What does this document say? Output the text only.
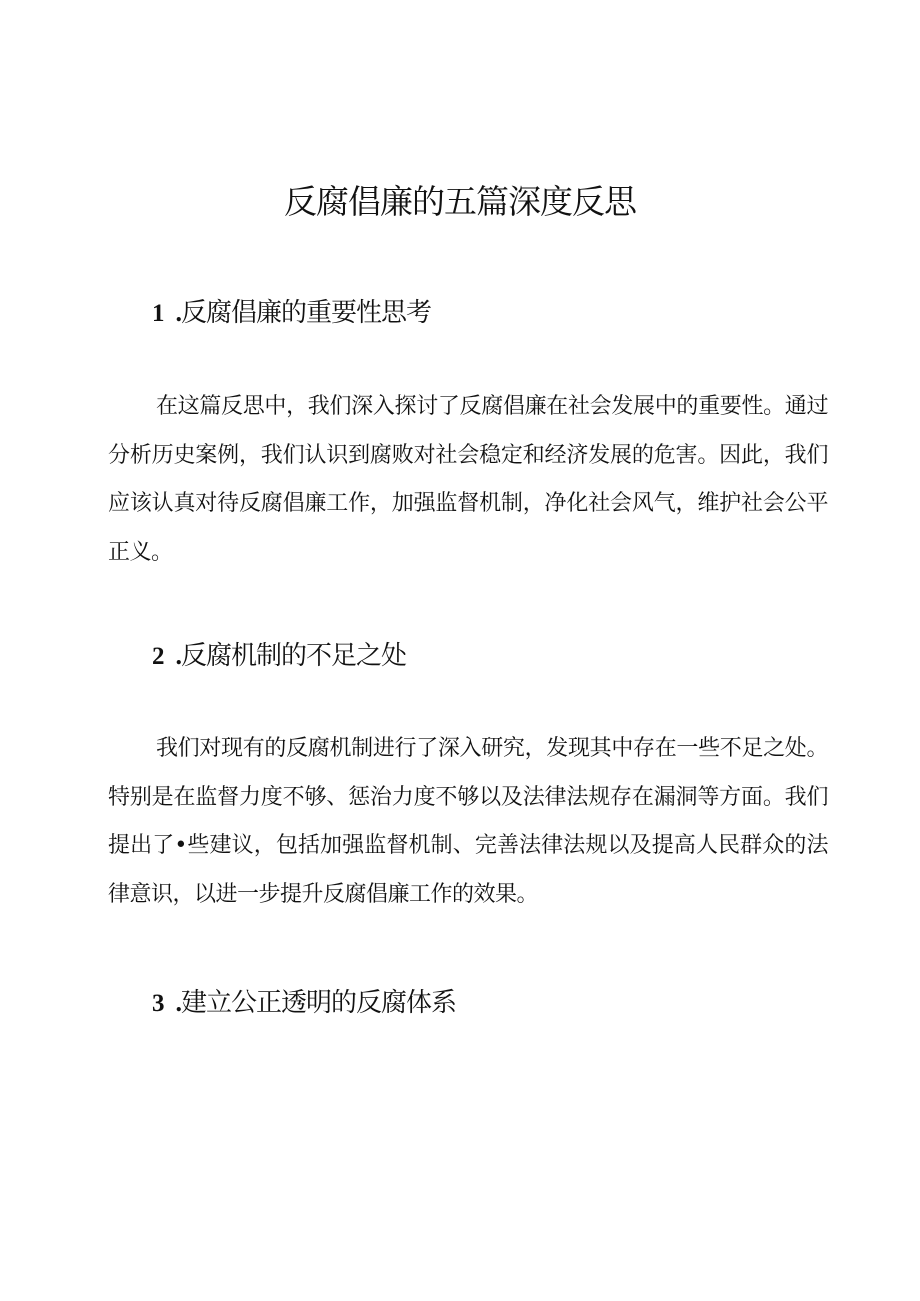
反腐倡廉的五篇深度反思
1 .反腐倡廉的重要性思考

在这篇反思中，我们深入探讨了反腐倡廉在社会发展中的重要性。通过分析历史案例，我们认识到腐败对社会稳定和经济发展的危害。因此，我们应该认真对待反腐倡廉工作，加强监督机制，净化社会风气，维护社会公平正义。

2 .反腐机制的不足之处

我们对现有的反腐机制进行了深入研究，发现其中存在一些不足之处。特别是在监督力度不够、惩治力度不够以及法律法规存在漏洞等方面。我们提出了•些建议，包括加强监督机制、完善法律法规以及提高人民群众的法律意识，以进一步提升反腐倡廉工作的效果。

3 .建立公正透明的反腐体系
